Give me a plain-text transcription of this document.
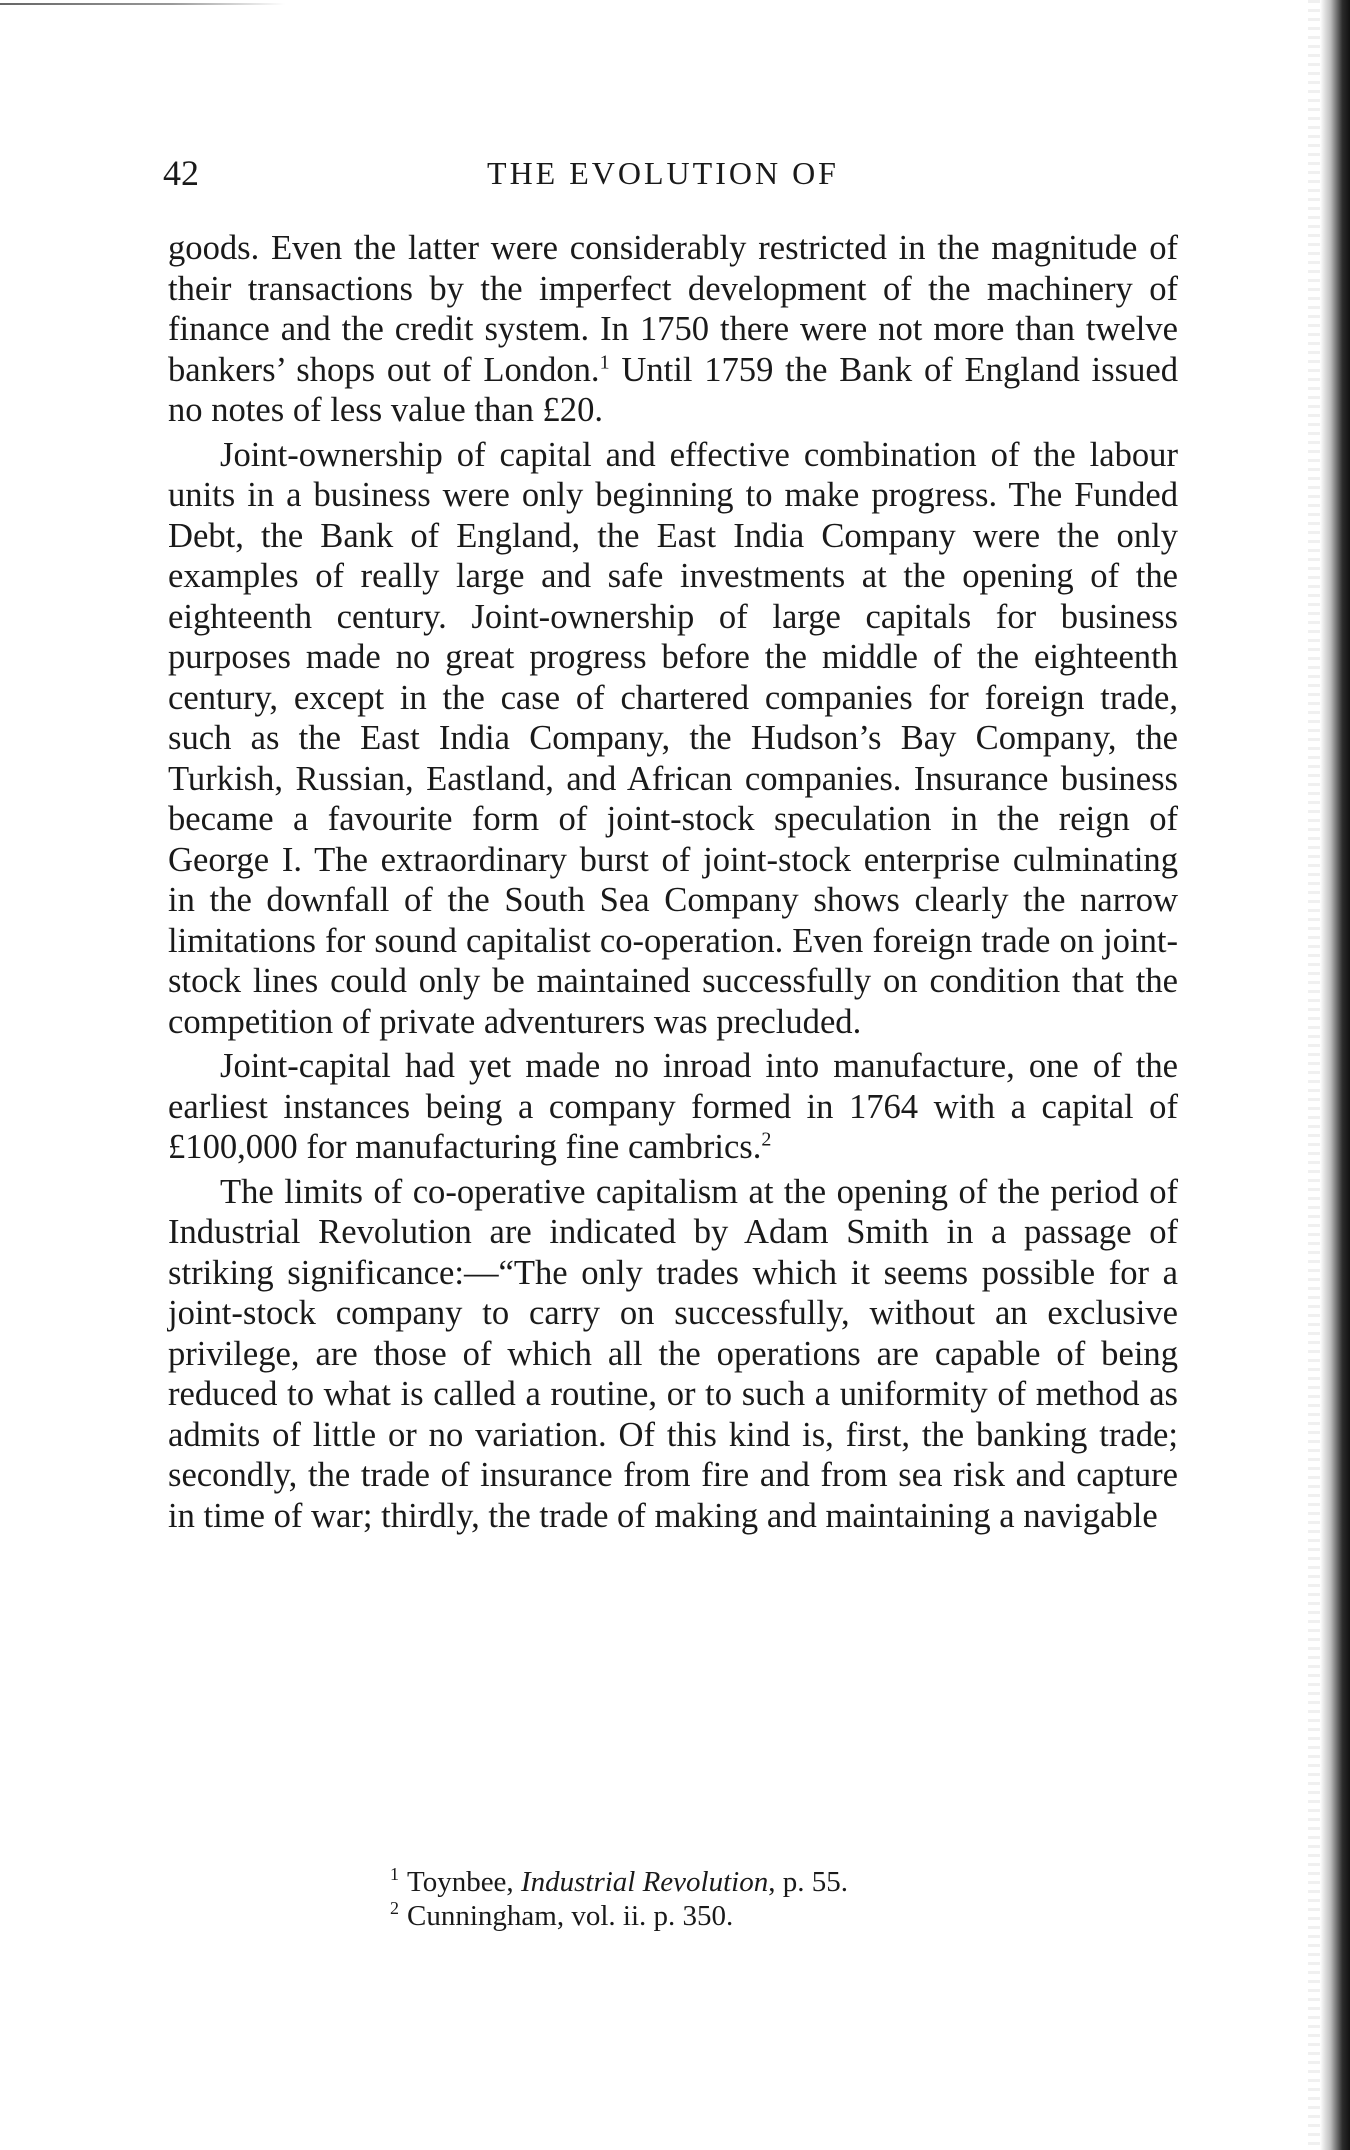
42	THE EVOLUTION OF

goods. Even the latter were considerably restricted in the magnitude of their transactions by the imperfect development of the machinery of finance and the credit system. In 1750 there were not more than twelve bankers’ shops out of London.$^1$ Until 1759 the Bank of England issued no notes of less value than £20.

Joint-ownership of capital and effective combination of the labour units in a business were only beginning to make progress. The Funded Debt, the Bank of England, the East India Company were the only examples of really large and safe investments at the opening of the eighteenth century. Joint-ownership of large capitals for business purposes made no great progress before the middle of the eighteenth century, except in the case of chartered companies for foreign trade, such as the East India Company, the Hudson’s Bay Company, the Turkish, Russian, Eastland, and African companies. Insurance business became a favourite form of joint-stock speculation in the reign of George I. The extraordinary burst of joint-stock enterprise culminating in the downfall of the South Sea Company shows clearly the narrow limitations for sound capitalist co-operation. Even foreign trade on joint-stock lines could only be maintained successfully on condition that the competition of private adventurers was precluded.

Joint-capital had yet made no inroad into manufacture, one of the earliest instances being a company formed in 1764 with a capital of £100,000 for manufacturing fine cambrics.$^2$

The limits of co-operative capitalism at the opening of the period of Industrial Revolution are indicated by Adam Smith in a passage of striking significance:—“The only trades which it seems possible for a joint-stock company to carry on successfully, without an exclusive privilege, are those of which all the operations are capable of being reduced to what is called a routine, or to such a uniformity of method as admits of little or no variation. Of this kind is, first, the banking trade; secondly, the trade of insurance from fire and from sea risk and capture in time of war; thirdly, the trade of making and maintaining a navigable

$^1$ Toynbee, Industrial Revolution, p. 55.

$^2$ Cunningham, vol. ii. p. 350.
